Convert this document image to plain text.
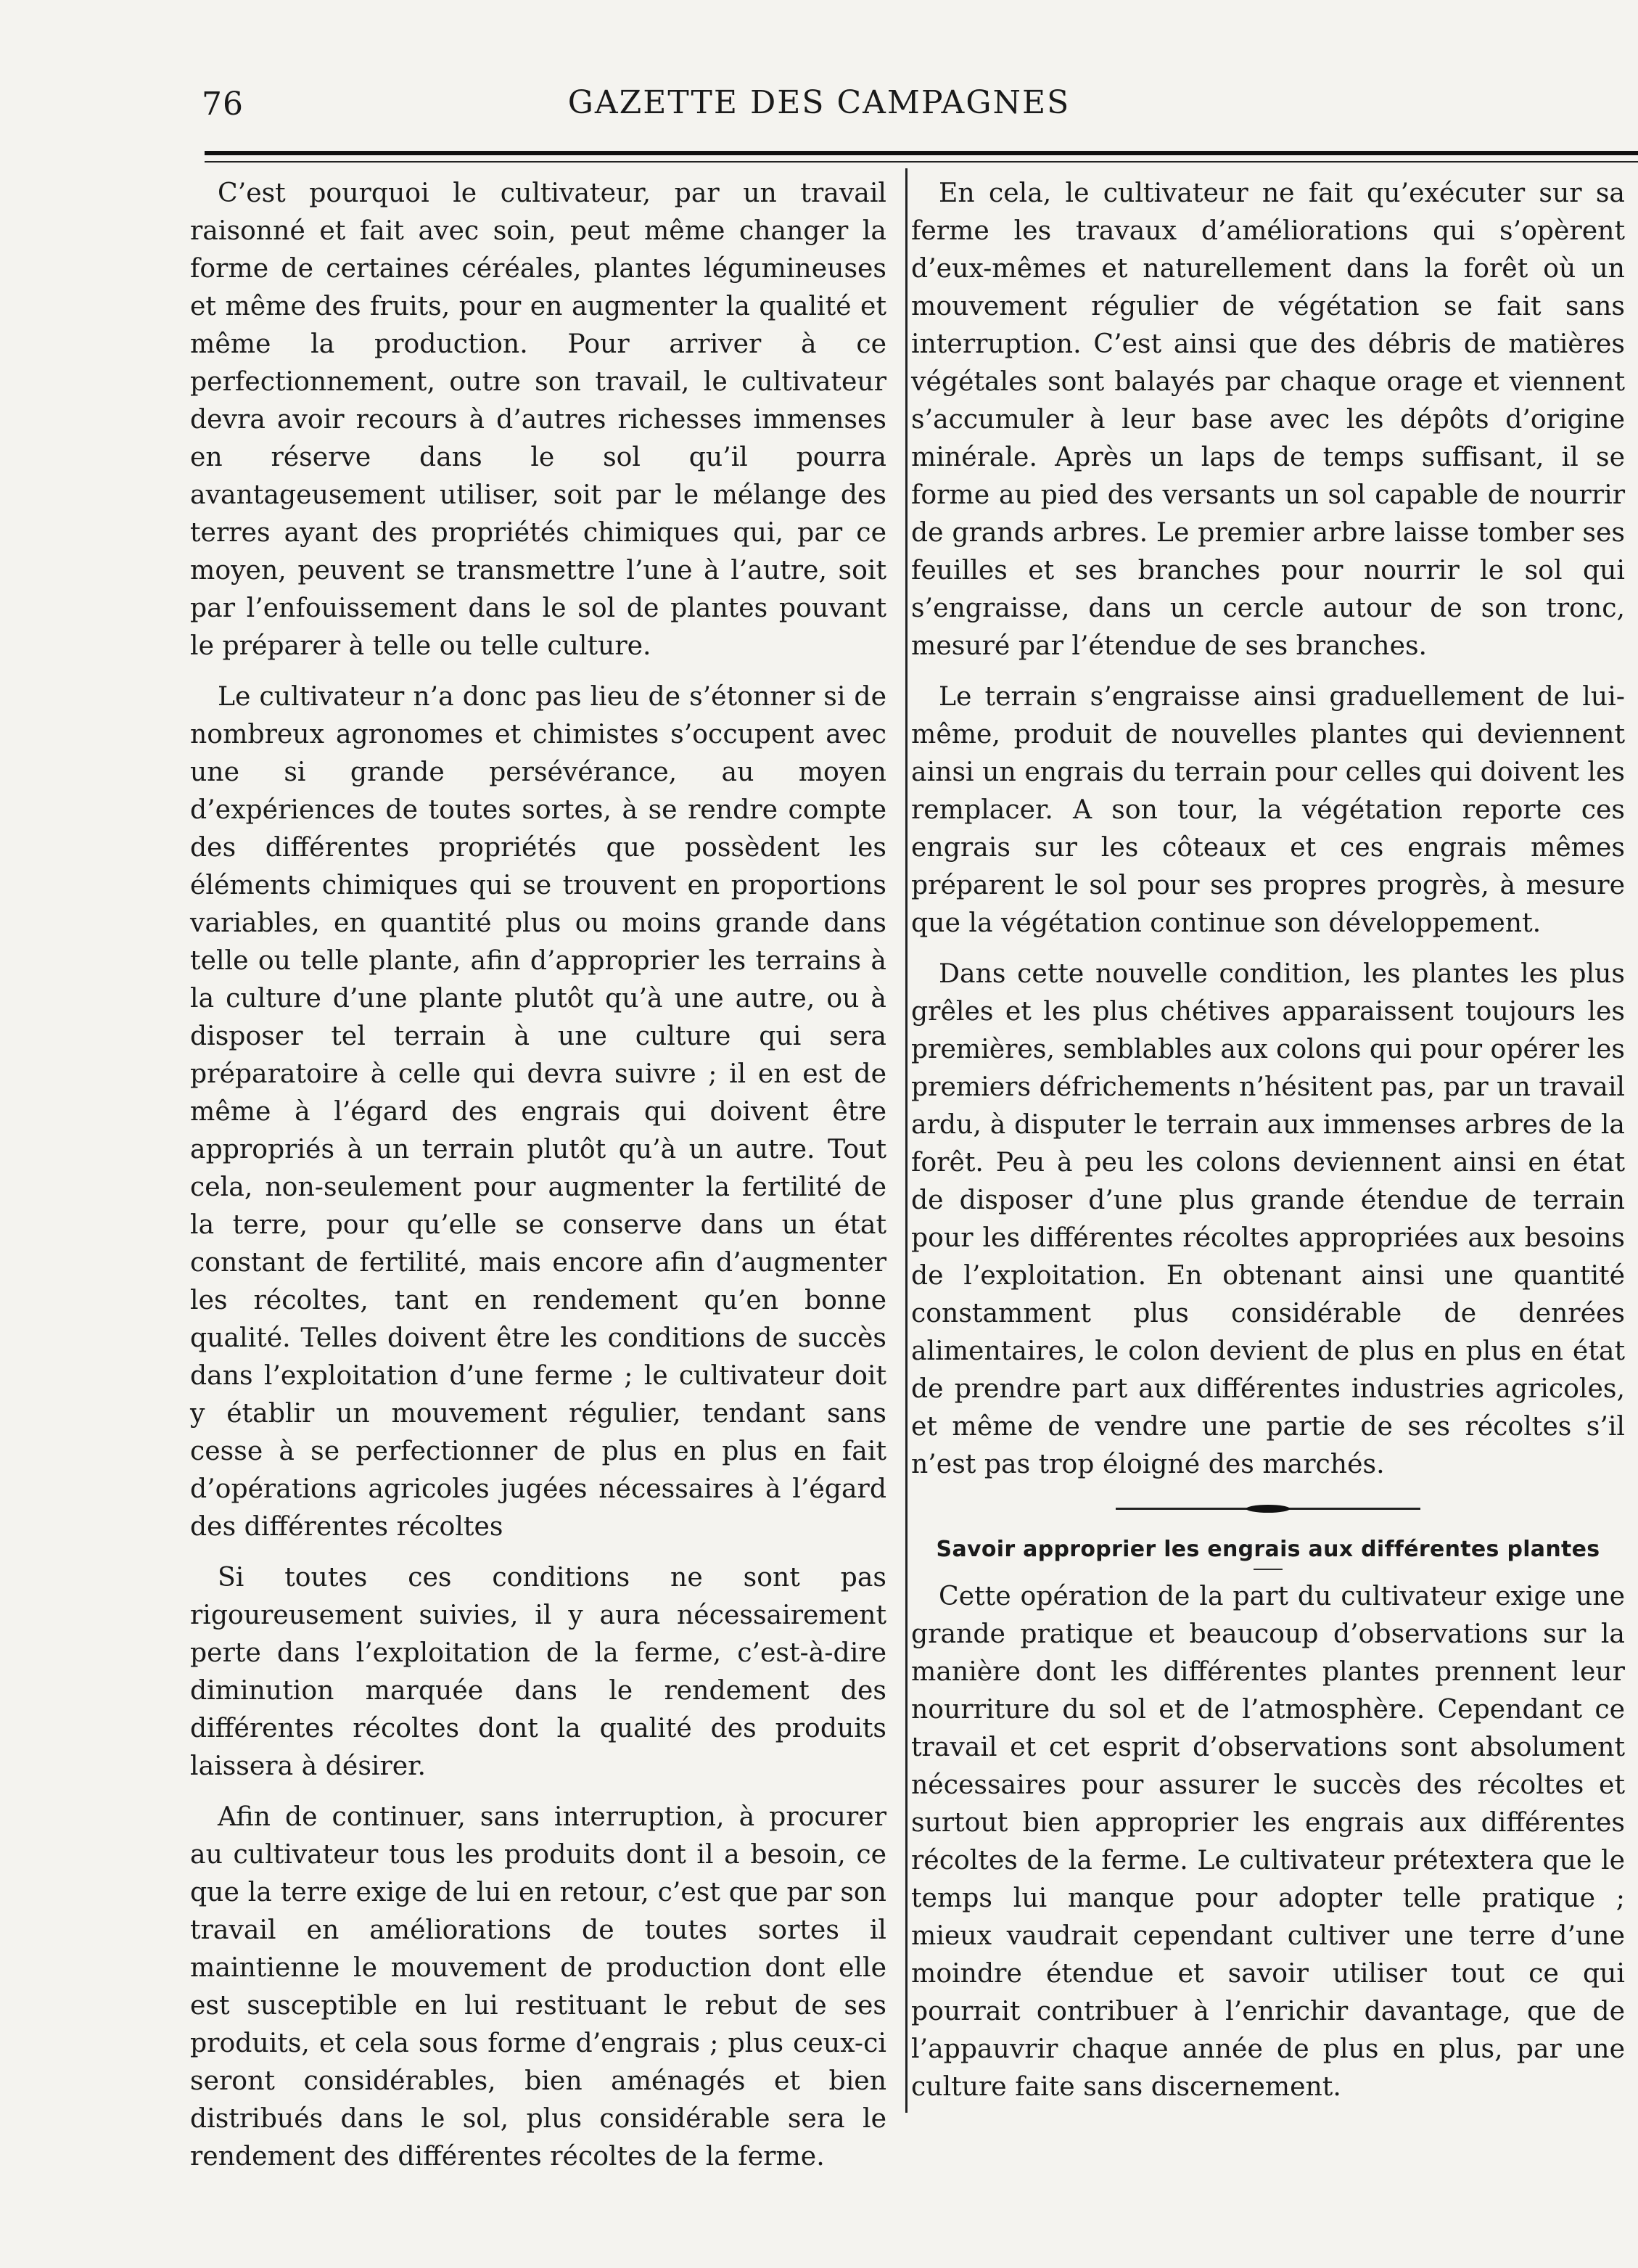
76	GAZETTE DES CAMPAGNES

C’est pourquoi le cultivateur, par un travail raisonné et fait avec soin, peut même changer la forme de certaines céréales, plantes légumineuses et même des fruits, pour en augmenter la qualité et même la production. Pour arriver à ce perfectionnement, outre son travail, le cultivateur devra avoir recours à d’autres richesses immenses en réserve dans le sol qu’il pourra avantageusement utiliser, soit par le mélange des terres ayant des propriétés chimiques qui, par ce moyen, peuvent se transmettre l’une à l’autre, soit par l’enfouissement dans le sol de plantes pouvant le préparer à telle ou telle culture.

Le cultivateur n’a donc pas lieu de s’étonner si de nombreux agronomes et chimistes s’occupent avec une si grande persévérance, au moyen d’expériences de toutes sortes, à se rendre compte des différentes propriétés que possèdent les éléments chimiques qui se trouvent en proportions variables, en quantité plus ou moins grande dans telle ou telle plante, afin d’approprier les terrains à la culture d’une plante plutôt qu’à une autre, ou à disposer tel terrain à une culture qui sera préparatoire à celle qui devra suivre ; il en est de même à l’égard des engrais qui doivent être appropriés à un terrain plutôt qu’à un autre. Tout cela, non-seulement pour augmenter la fertilité de la terre, pour qu’elle se conserve dans un état constant de fertilité, mais encore afin d’augmenter les récoltes, tant en rendement qu’en bonne qualité. Telles doivent être les conditions de succès dans l’exploitation d’une ferme ; le cultivateur doit y établir un mouvement régulier, tendant sans cesse à se perfectionner de plus en plus en fait d’opérations agricoles jugées nécessaires à l’égard des différentes récoltes

Si toutes ces conditions ne sont pas rigoureusement suivies, il y aura nécessairement perte dans l’exploitation de la ferme, c’est-à-dire diminution marquée dans le rendement des différentes récoltes dont la qualité des produits laissera à désirer.

Afin de continuer, sans interruption, à procurer au cultivateur tous les produits dont il a besoin, ce que la terre exige de lui en retour, c’est que par son travail en améliorations de toutes sortes il maintienne le mouvement de production dont elle est susceptible en lui restituant le rebut de ses produits, et cela sous forme d’engrais ; plus ceux-ci seront considérables, bien aménagés et bien distribués dans le sol, plus considérable sera le rendement des différentes récoltes de la ferme.

En cela, le cultivateur ne fait qu’exécuter sur sa ferme les travaux d’améliorations qui s’opèrent d’eux-mêmes et naturellement dans la forêt où un mouvement régulier de végétation se fait sans interruption. C’est ainsi que des débris de matières végétales sont balayés par chaque orage et viennent s’accumuler à leur base avec les dépôts d’origine minérale. Après un laps de temps suffisant, il se forme au pied des versants un sol capable de nourrir de grands arbres. Le premier arbre laisse tomber ses feuilles et ses branches pour nourrir le sol qui s’engraisse, dans un cercle autour de son tronc, mesuré par l’étendue de ses branches.

Le terrain s’engraisse ainsi graduellement de lui-même, produit de nouvelles plantes qui deviennent ainsi un engrais du terrain pour celles qui doivent les remplacer. A son tour, la végétation reporte ces engrais sur les côteaux et ces engrais mêmes préparent le sol pour ses propres progrès, à mesure que la végétation continue son développement.

Dans cette nouvelle condition, les plantes les plus grêles et les plus chétives apparaissent toujours les premières, semblables aux colons qui pour opérer les premiers défrichements n’hésitent pas, par un travail ardu, à disputer le terrain aux immenses arbres de la forêt. Peu à peu les colons deviennent ainsi en état de disposer d’une plus grande étendue de terrain pour les différentes récoltes appropriées aux besoins de l’exploitation. En obtenant ainsi une quantité constamment plus considérable de denrées alimentaires, le colon devient de plus en plus en état de prendre part aux différentes industries agricoles, et même de vendre une partie de ses récoltes s’il n’est pas trop éloigné des marchés.

Savoir approprier les engrais aux différentes plantes

Cette opération de la part du cultivateur exige une grande pratique et beaucoup d’observations sur la manière dont les différentes plantes prennent leur nourriture du sol et de l’atmosphère. Cependant ce travail et cet esprit d’observations sont absolument nécessaires pour assurer le succès des récoltes et surtout bien approprier les engrais aux différentes récoltes de la ferme. Le cultivateur prétextera que le temps lui manque pour adopter telle pratique ; mieux vaudrait cependant cultiver une terre d’une moindre étendue et savoir utiliser tout ce qui pourrait contribuer à l’enrichir davantage, que de l’appauvrir chaque année de plus en plus, par une culture faite sans discernement.
